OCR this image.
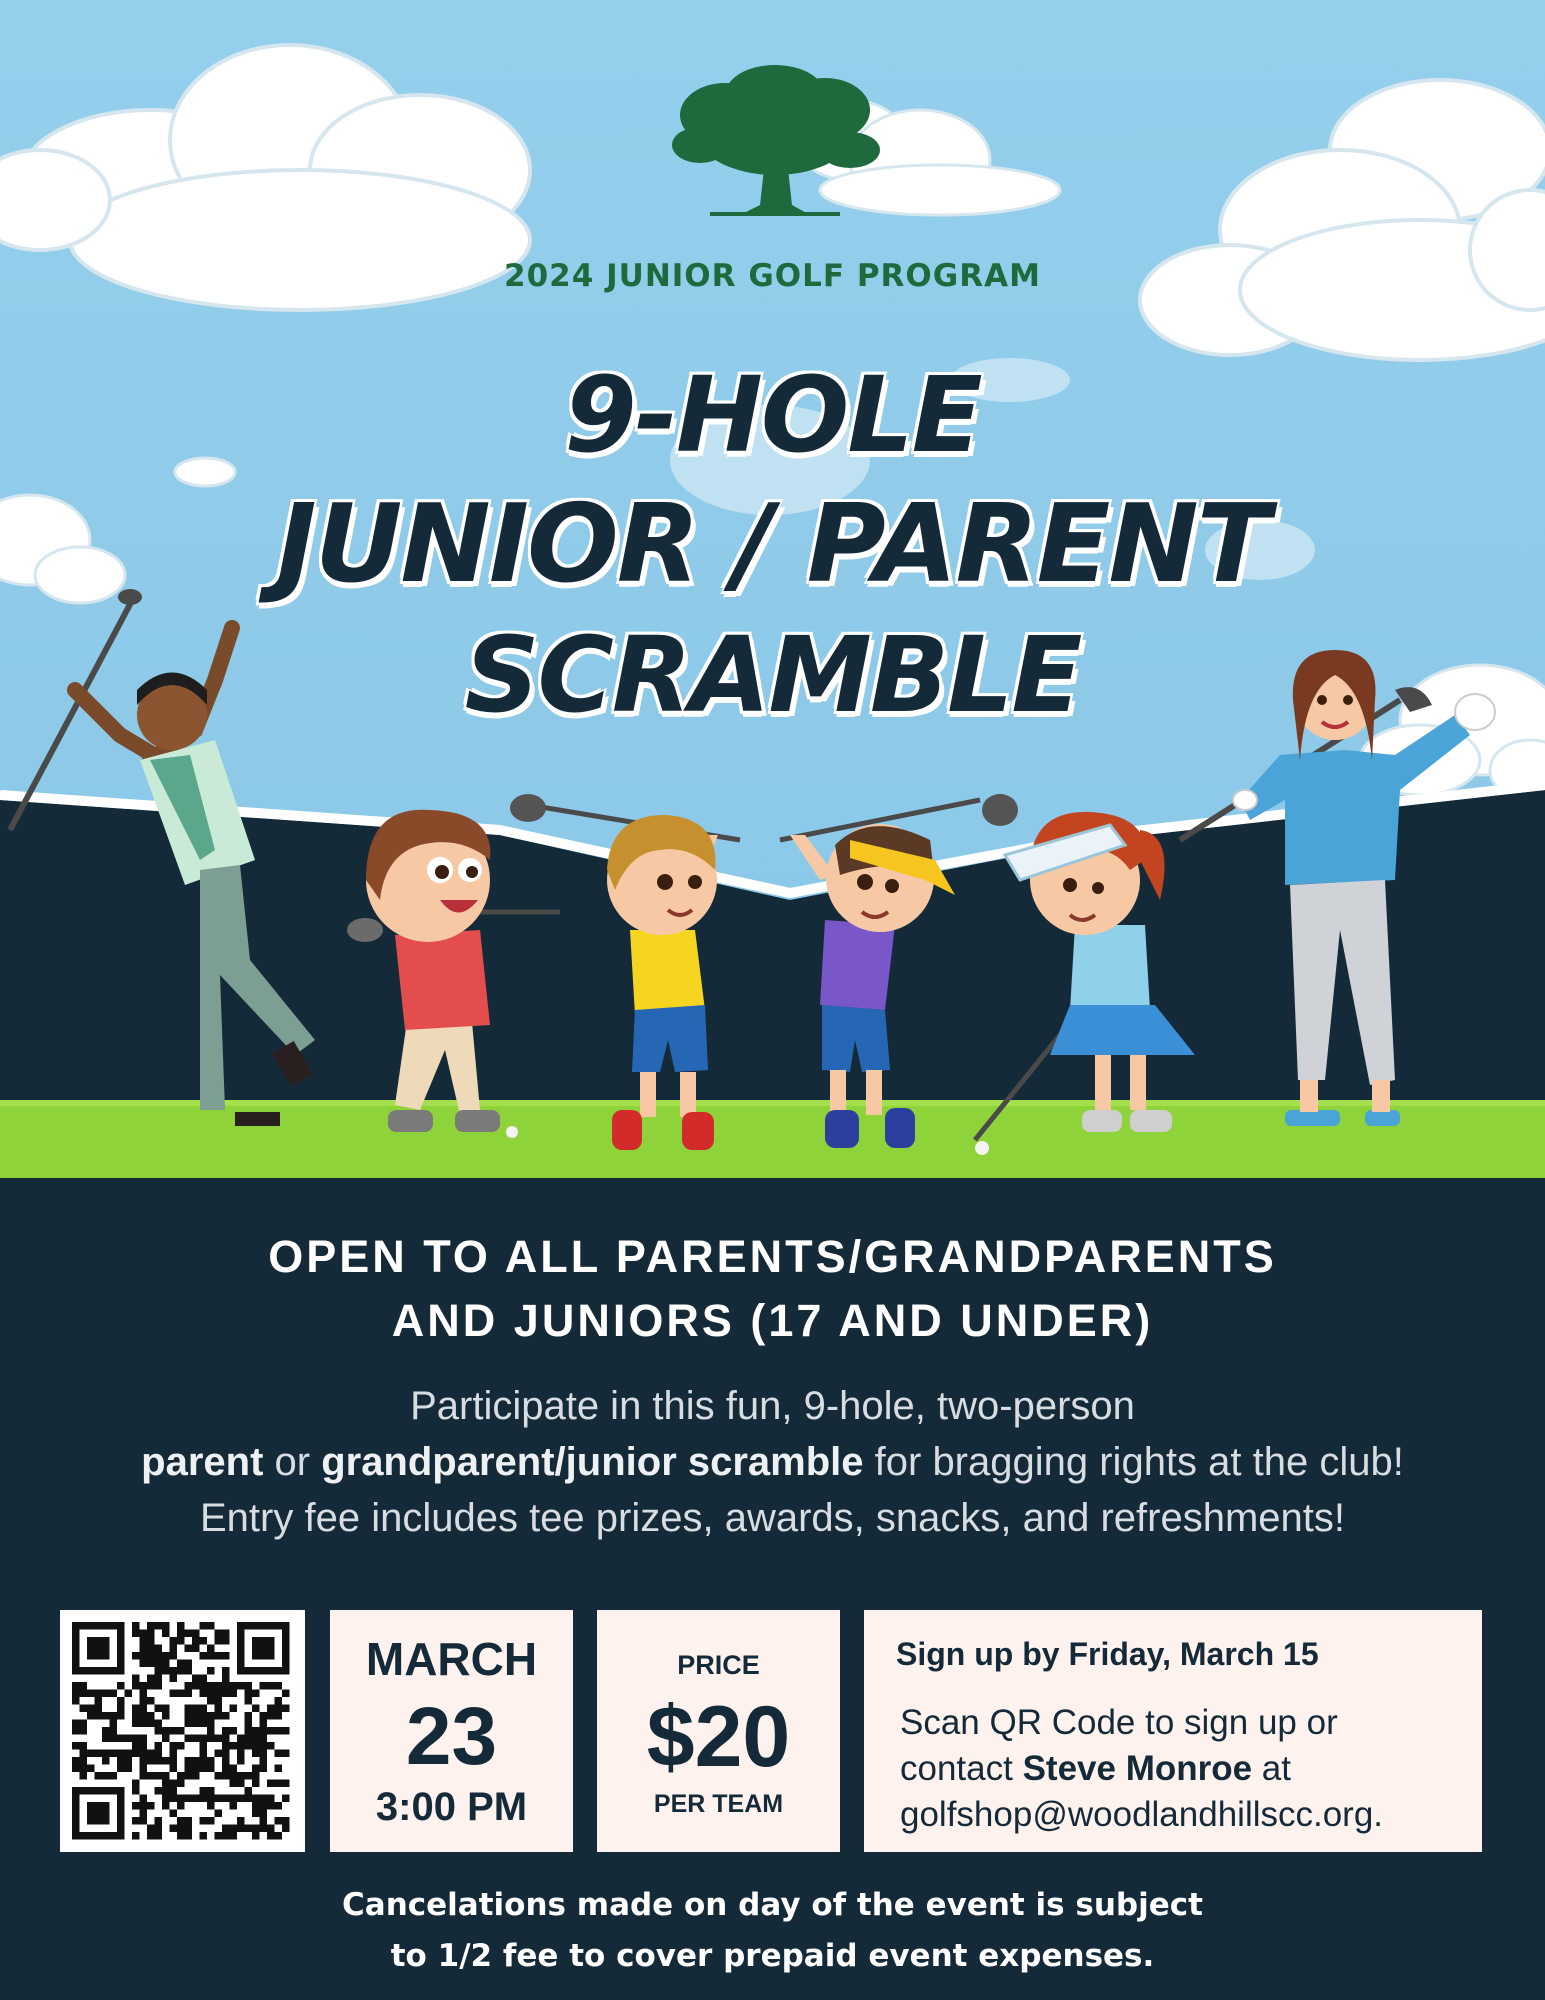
2024 JUNIOR GOLF PROGRAM
9-HOLE
JUNIOR / PARENT
SCRAMBLE
OPEN TO ALL PARENTS/GRANDPARENTS
AND JUNIORS (17 AND UNDER)
Participate in this fun, 9-hole, two-person
parent or grandparent/junior scramble for bragging rights at the club!
Entry fee includes tee prizes, awards, snacks, and refreshments!
MARCH
23
3:00 PM
PRICE
$20
PER TEAM
Sign up by Friday, March 15
Scan QR Code to sign up or
contact Steve Monroe at
golfshop@woodlandhillscc.org.
Cancelations made on day of the event is subject
to 1/2 fee to cover prepaid event expenses.
